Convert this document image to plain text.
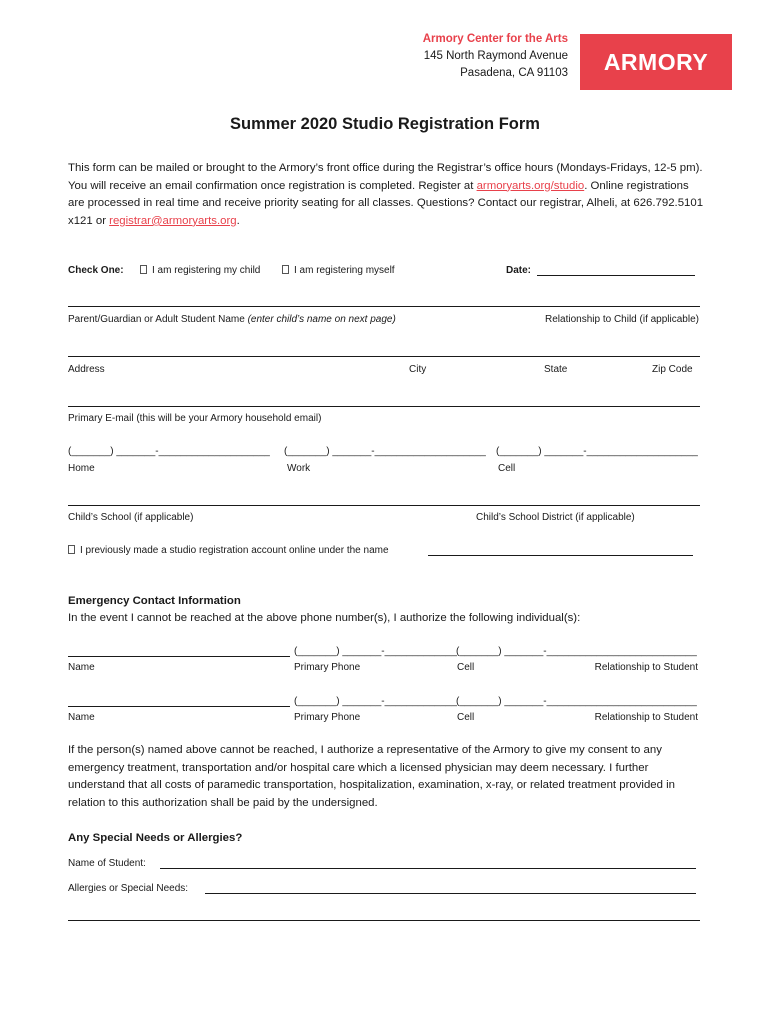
Armory Center for the Arts
145 North Raymond Avenue
Pasadena, CA 91103 ARMORY
Summer 2020 Studio Registration Form
This form can be mailed or brought to the Armory’s front office during the Registrar’s office hours (Mondays-Fridays, 12-5 pm). You will receive an email confirmation once registration is completed. Register at armoryarts.org/studio. Online registrations are processed in real time and receive priority seating for all classes. Questions? Contact our registrar, Alheli, at 626.792.5101 x121 or registrar@armoryarts.org.
Check One:	I am registering my child	I am registering myself	Date:
Parent/Guardian or Adult Student Name (enter child’s name on next page)	Relationship to Child (if applicable)
Address	City	State	Zip Code
Primary E-mail (this will be your Armory household email)
(_______) _______-____________________ (_______) _______-____________________ (_______) _______-____________________
Home	Work	Cell
Child’s School (if applicable)	Child’s School District (if applicable)
I previously made a studio registration account online under the name
Emergency Contact Information
In the event I cannot be reached at the above phone number(s), I authorize the following individual(s):
(_______) _______-_____________ (_______) _______-___________________________
Name	Primary Phone	Cell	Relationship to Student
(_______) _______-_____________ (_______) _______-___________________________
Name	Primary Phone	Cell	Relationship to Student
If the person(s) named above cannot be reached, I authorize a representative of the Armory to give my consent to any emergency treatment, transportation and/or hospital care which a licensed physician may deem necessary. I further understand that all costs of paramedic transportation, hospitalization, examination, x-ray, or related treatment provided in relation to this authorization shall be paid by the undersigned.
Any Special Needs or Allergies?
Name of Student:
Allergies or Special Needs:
